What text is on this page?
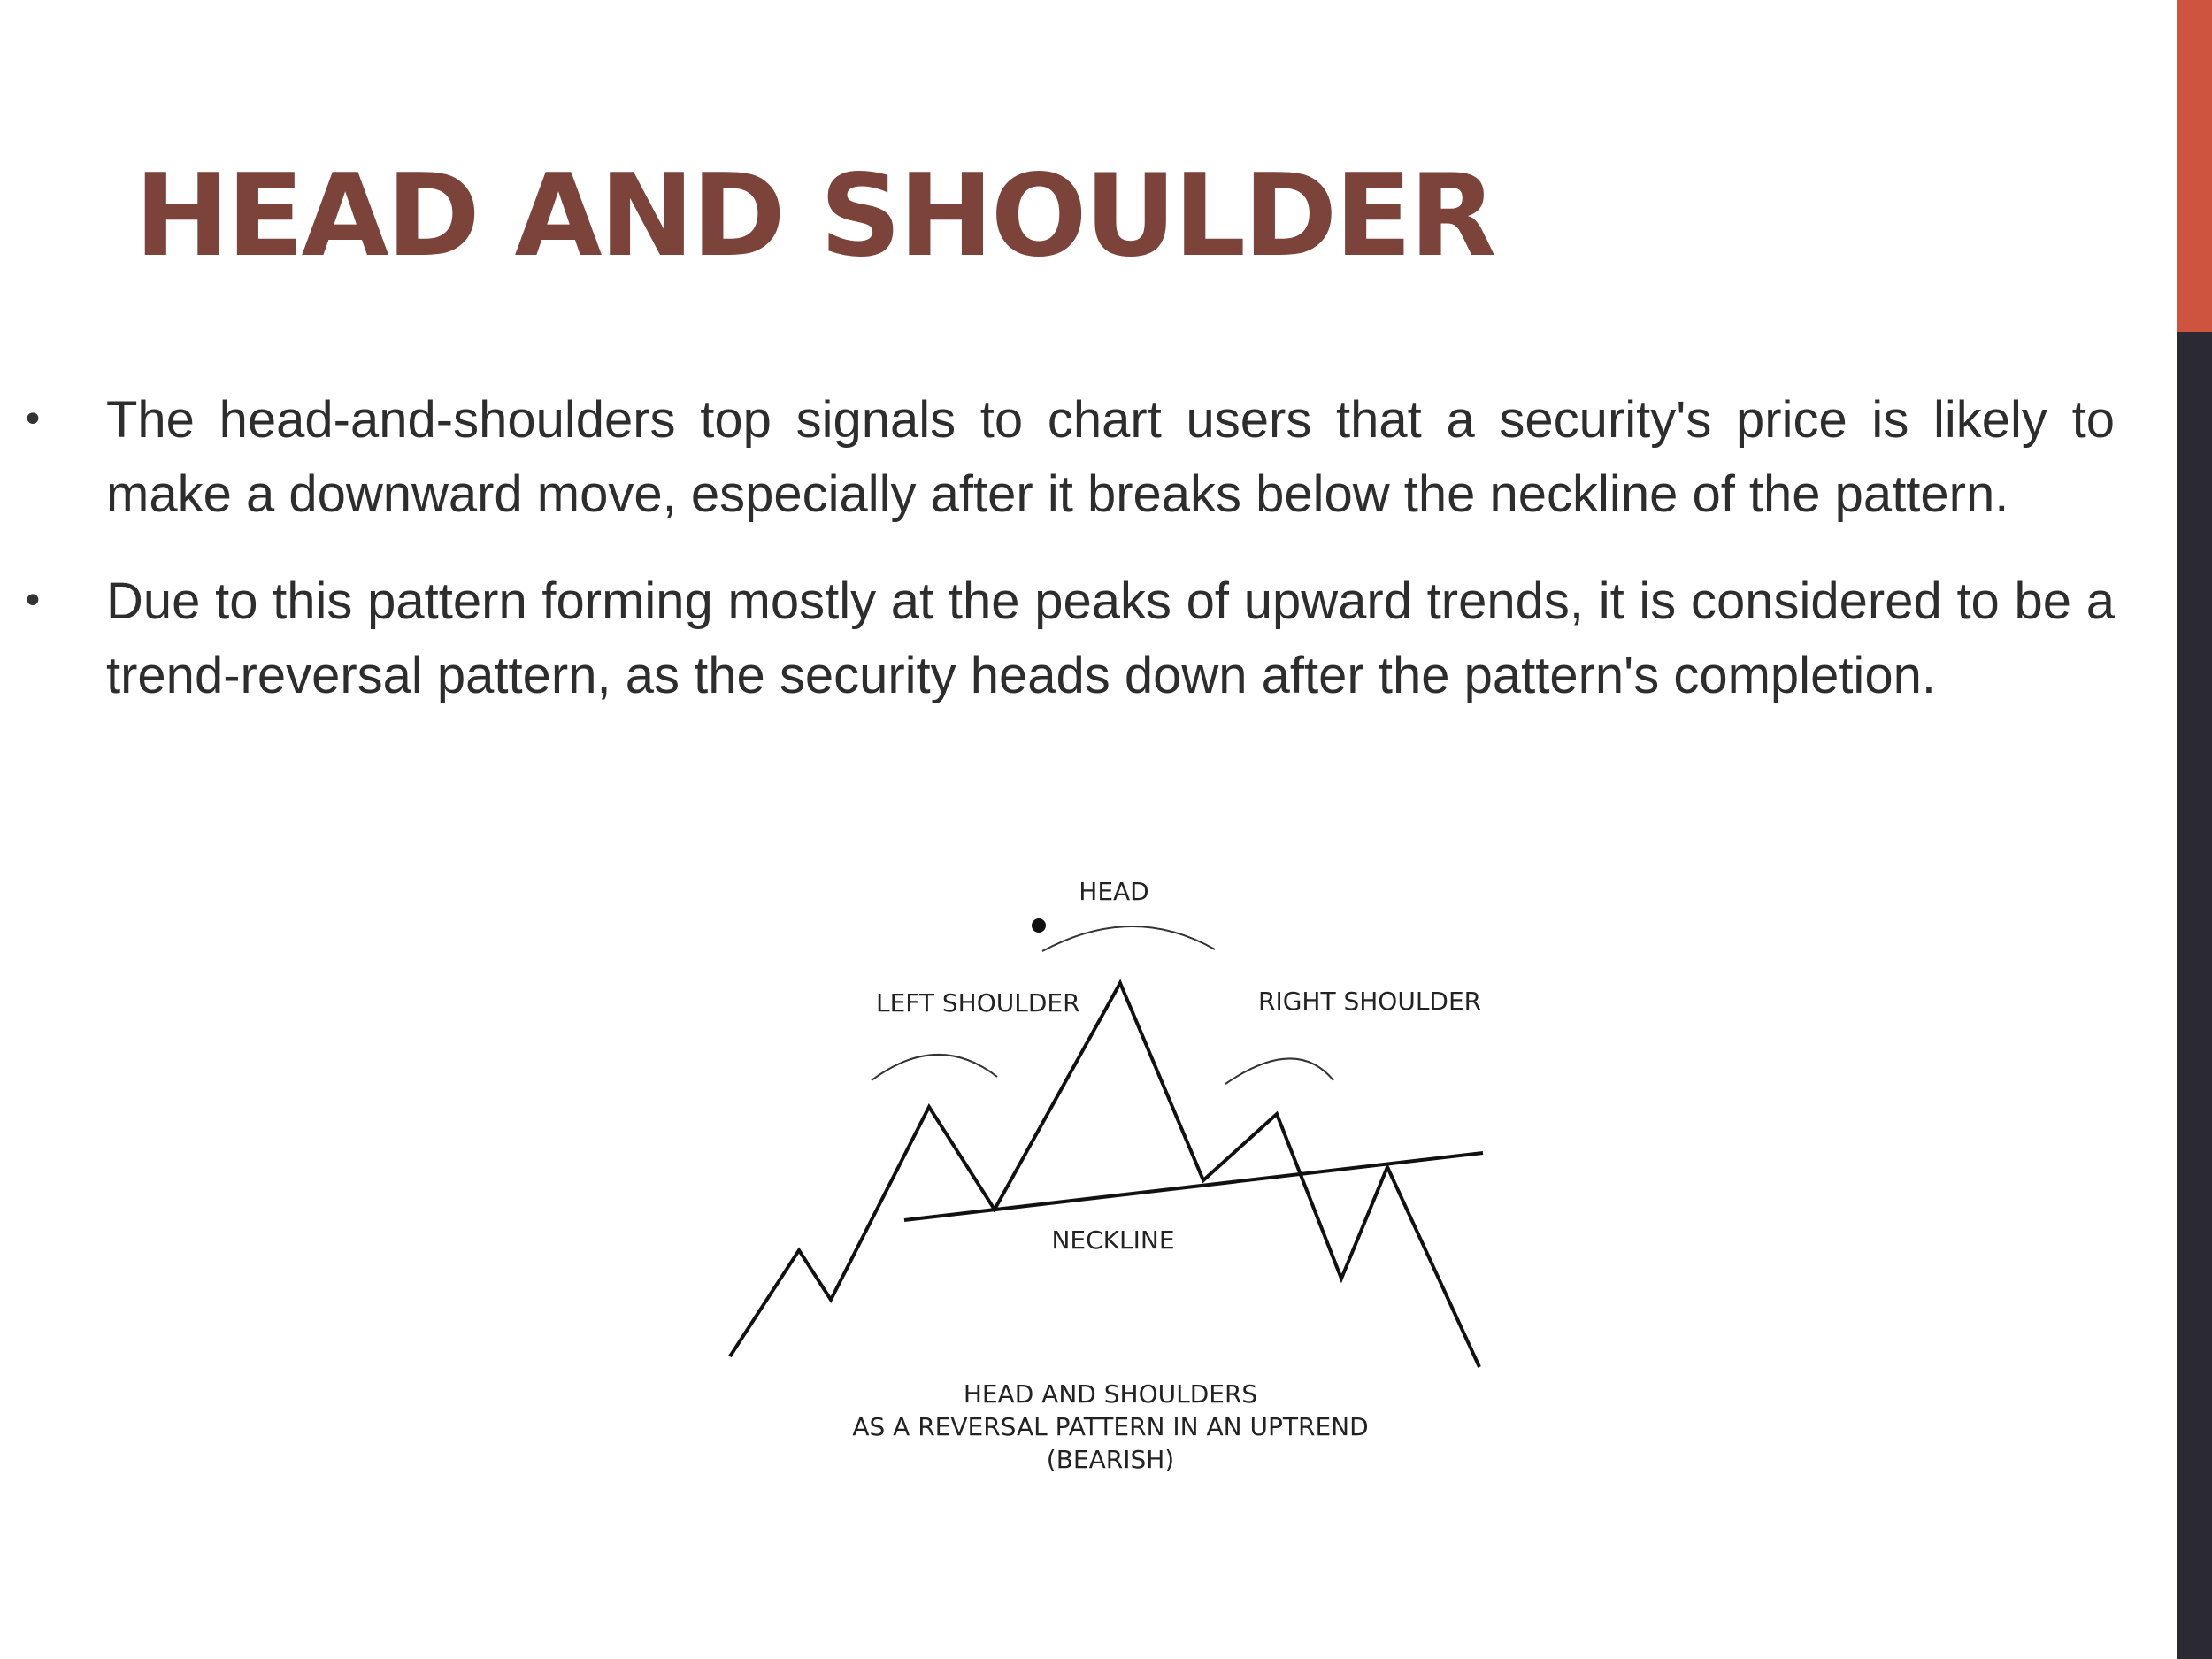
HEAD AND SHOULDER
• The head-and-shoulders top signals to chart users that a security's price is likely to make a downward move, especially after it breaks below the neckline of the pattern.
• Due to this pattern forming mostly at the peaks of upward trends, it is considered to be a trend-reversal pattern, as the security heads down after the pattern's completion.
HEAD
LEFT SHOULDER	RIGHT SHOULDER
NECKLINE
HEAD AND SHOULDERS
AS A REVERSAL PATTERN IN AN UPTREND
(BEARISH)
